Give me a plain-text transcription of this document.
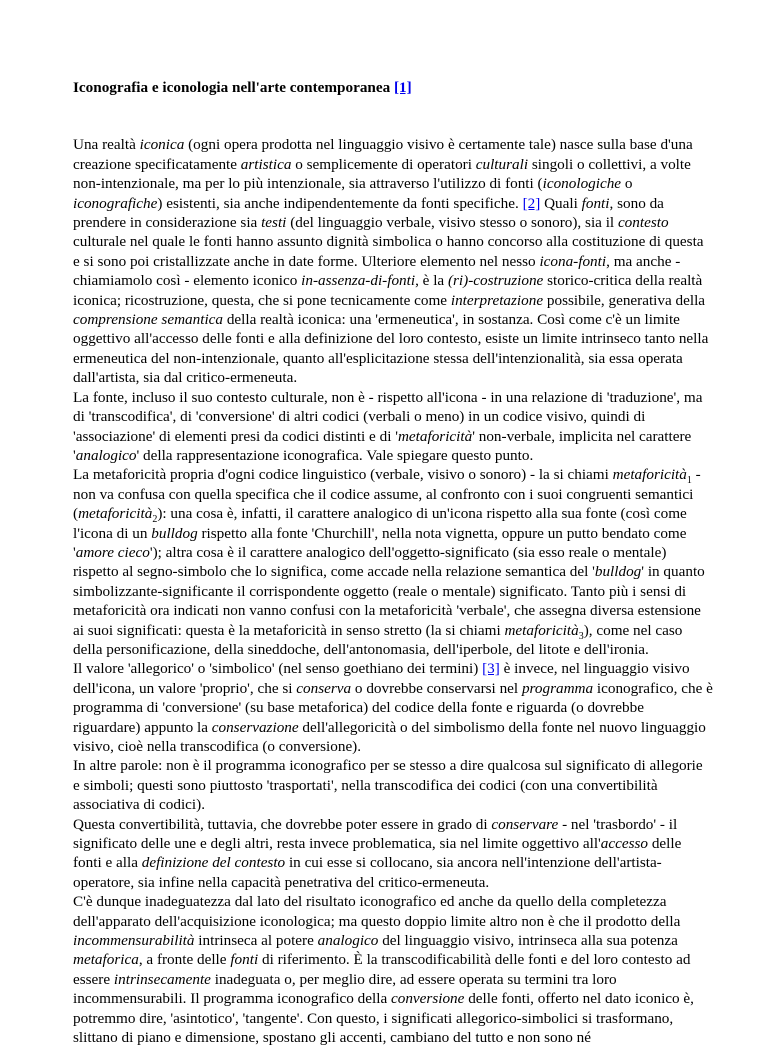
Iconografia e iconologia nell'arte contemporanea [1]

Una realtà iconica (ogni opera prodotta nel linguaggio visivo è certamente tale) nasce sulla base d'una creazione specificatamente artistica o semplicemente di operatori culturali singoli o collettivi, a volte non-intenzionale, ma per lo più intenzionale, sia attraverso l'utilizzo di fonti (iconologiche o iconografiche) esistenti, sia anche indipendentemente da fonti specifiche. [2] Quali fonti, sono da prendere in considerazione sia testi (del linguaggio verbale, visivo stesso o sonoro), sia il contesto culturale nel quale le fonti hanno assunto dignità simbolica o hanno concorso alla costituzione di questa e si sono poi cristallizzate anche in date forme. Ulteriore elemento nel nesso icona-fonti, ma anche - chiamiamolo così - elemento iconico in-assenza-di-fonti, è la (ri)-costruzione storico-critica della realtà iconica; ricostruzione, questa, che si pone tecnicamente come interpretazione possibile, generativa della comprensione semantica della realtà iconica: una 'ermeneutica', in sostanza. Così come c'è un limite oggettivo all'accesso delle fonti e alla definizione del loro contesto, esiste un limite intrinseco tanto nella ermeneutica del non-intenzionale, quanto all'esplicitazione stessa dell'intenzionalità, sia essa operata dall'artista, sia dal critico-ermeneuta.

La fonte, incluso il suo contesto culturale, non è - rispetto all'icona - in una relazione di 'traduzione', ma di 'transcodifica', di 'conversione' di altri codici (verbali o meno) in un codice visivo, quindi di 'associazione' di elementi presi da codici distinti e di 'metaforicità' non-verbale, implicita nel carattere 'analogico' della rappresentazione iconografica. Vale spiegare questo punto.

La metaforicità propria d'ogni codice linguistico (verbale, visivo o sonoro) - la si chiami metaforicità$_1$ - non va confusa con quella specifica che il codice assume, al confronto con i suoi congruenti semantici (metaforicità$_2$): una cosa è, infatti, il carattere analogico di un'icona rispetto alla sua fonte (così come l'icona di un bulldog rispetto alla fonte 'Churchill', nella nota vignetta, oppure un putto bendato come 'amore cieco'); altra cosa è il carattere analogico dell'oggetto-significato (sia esso reale o mentale) rispetto al segno-simbolo che lo significa, come accade nella relazione semantica del 'bulldog' in quanto simbolizzante-significante il corrispondente oggetto (reale o mentale) significato. Tanto più i sensi di metaforicità ora indicati non vanno confusi con la metaforicità 'verbale', che assegna diversa estensione ai suoi significati: questa è la metaforicità in senso stretto (la si chiami metaforicità$_3$), come nel caso della personificazione, della sineddoche, dell'antonomasia, dell'iperbole, del litote e dell'ironia.

Il valore 'allegorico' o 'simbolico' (nel senso goethiano dei termini) [3] è invece, nel linguaggio visivo dell'icona, un valore 'proprio', che si conserva o dovrebbe conservarsi nel programma iconografico, che è programma di 'conversione' (su base metaforica) del codice della fonte e riguarda (o dovrebbe riguardare) appunto la conservazione dell'allegoricità o del simbolismo della fonte nel nuovo linguaggio visivo, cioè nella transcodifica (o conversione).

In altre parole: non è il programma iconografico per se stesso a dire qualcosa sul significato di allegorie e simboli; questi sono piuttosto 'trasportati', nella transcodifica dei codici (con una convertibilità associativa di codici).

Questa convertibilità, tuttavia, che dovrebbe poter essere in grado di conservare - nel 'trasbordo' - il significato delle une e degli altri, resta invece problematica, sia nel limite oggettivo all'accesso delle fonti e alla definizione del contesto in cui esse si collocano, sia ancora nell'intenzione dell'artista-operatore, sia infine nella capacità penetrativa del critico-ermeneuta.

C'è dunque inadeguatezza dal lato del risultato iconografico ed anche da quello della completezza dell'apparato dell'acquisizione iconologica; ma questo doppio limite altro non è che il prodotto della incommensurabilità intrinseca al potere analogico del linguaggio visivo, intrinseca alla sua potenza metaforica, a fronte delle fonti di riferimento. È la transcodificabilità delle fonti e del loro contesto ad essere intrinsecamente inadeguata o, per meglio dire, ad essere operata su termini tra loro incommensurabili. Il programma iconografico della conversione delle fonti, offerto nel dato iconico è, potremmo dire, 'asintotico', 'tangente'. Con questo, i significati allegorico-simbolici si trasformano, slittano di piano e dimensione, spostano gli accenti, cambiano del tutto e non sono né
